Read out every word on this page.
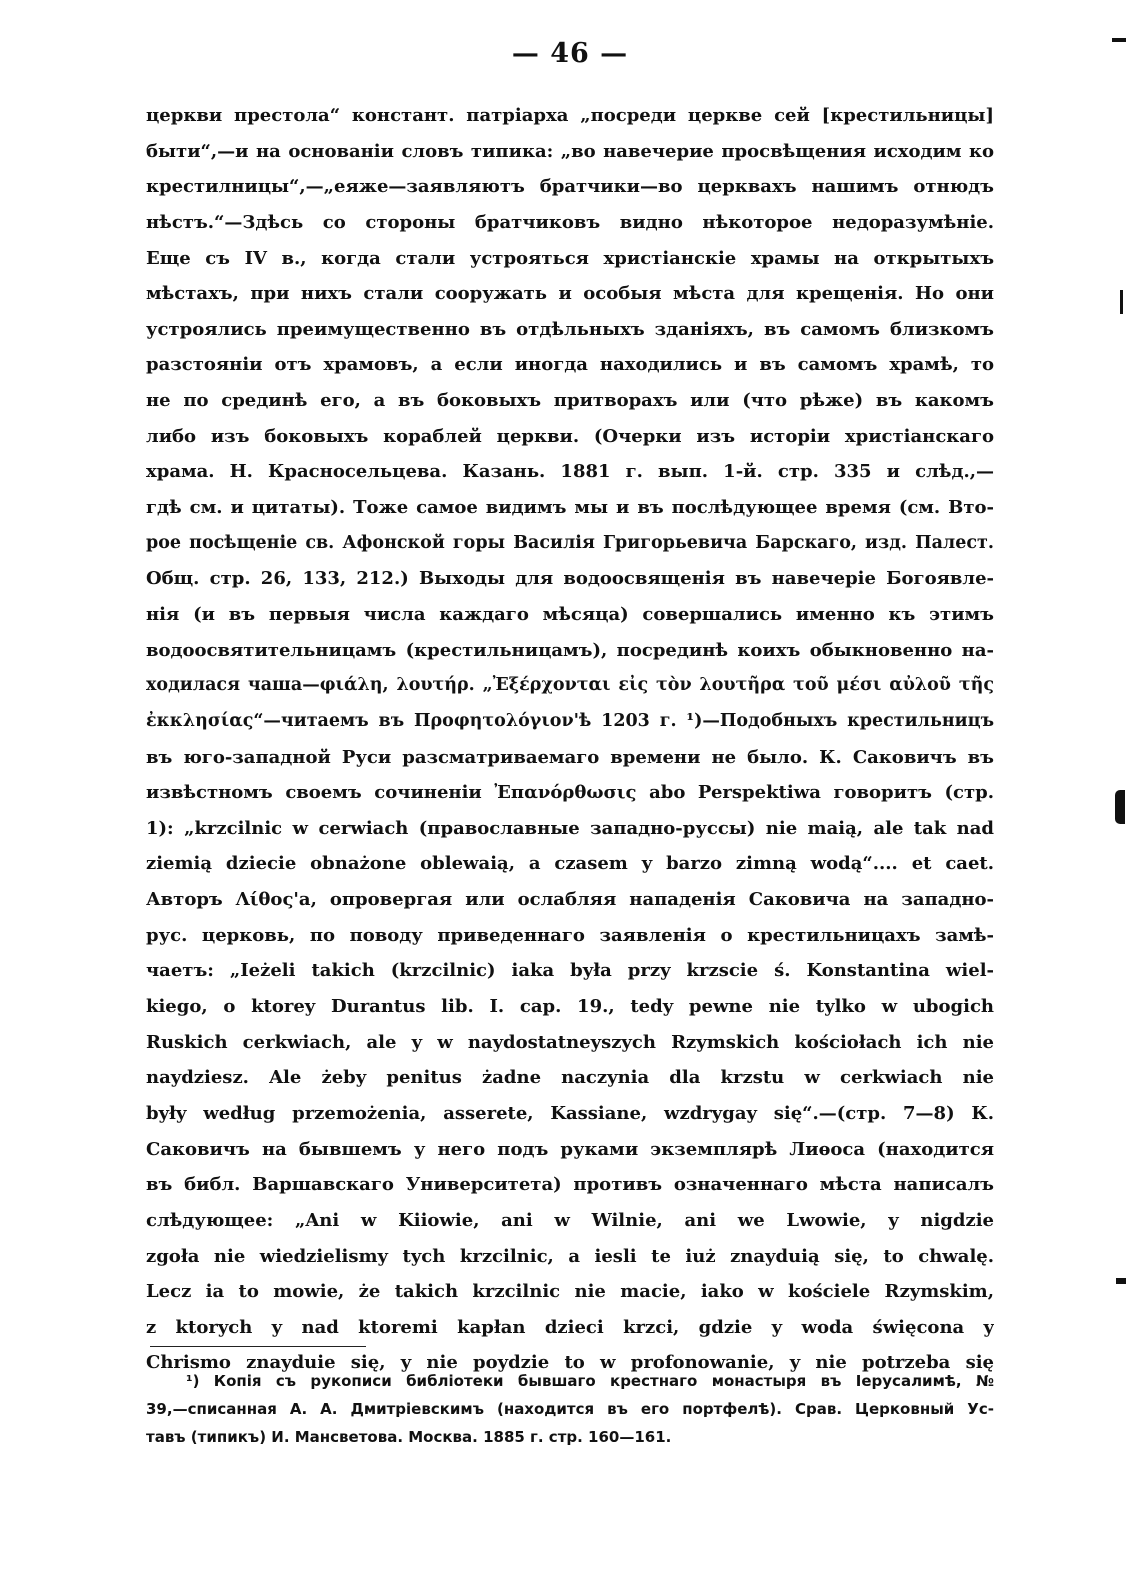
— 46 —
церкви престола“ констант. патріарха „посреди церкве сей [крестильницы]
быти“,—и на основаніи словъ типика: „во навечерие просвѣщения исходим ко
крестилницы“,—„еяже—заявляютъ братчики—во церквахъ нашимъ отнюдъ
нѣстъ.“—Здѣсь со стороны братчиковъ видно нѣкоторое недоразумѣніе.
Еще съ IV в., когда стали устрояться христіанскіе храмы на открытыхъ
мѣстахъ, при нихъ стали сооружать и особыя мѣста для крещенія. Но они
устроялись преимущественно въ отдѣльныхъ зданіяхъ, въ самомъ близкомъ
разстояніи отъ храмовъ, а если иногда находились и въ самомъ храмѣ, то
не по срединѣ его, а въ боковыхъ притворахъ или (что рѣже) въ какомъ
либо изъ боковыхъ кораблей церкви. (Очерки изъ исторіи христіанскаго
храма. Н. Красносельцева. Казань. 1881 г. вып. 1-й. стр. 335 и слѣд.,—
гдѣ см. и цитаты). Тоже самое видимъ мы и въ послѣдующее время (см. Вто-
рое посѣщеніе св. Афонской горы Василія Григорьевича Барскаго, изд. Палест.
Общ. стр. 26, 133, 212.) Выходы для водоосвященія въ навечеріе Богоявле-
нія (и въ первыя числа каждаго мѣсяца) совершались именно къ этимъ
водоосвятительницамъ (крестильницамъ), посрединѣ коихъ обыкновенно на-
ходилася чаша—φιάλη, λουτήρ. „Ἐξέρχονται εἰς τὸν λουτῆρα τοῦ μέσι αὐλοῦ τῆς
ἐκκλησίας“—читаемъ въ Προφητολόγιον'ѣ 1203 г. ¹)—Подобныхъ крестильницъ
въ юго-западной Руси разсматриваемаго времени не было. К. Саковичъ въ
извѣстномъ своемъ сочиненіи Ἐπανόρθωσις abo Perspektiwa говоритъ (стр.
1): „krzcilnic w cerwiach (православные западно-руссы) nie maią, ale tak nad
ziemią dziecie obnażone oblewaią, a czasem y barzo zimną wodą“.... et caet.
Авторъ Λίθος'а, опровергая или ослабляя нападенія Саковича на западно-
рус. церковь, по поводу приведеннаго заявленія о крестильницахъ замѣ-
чаетъ: „Ieżeli takich (krzcilnic) iaka była przy krzscie ś. Konstantina wiel-
kiego, o ktorey Durantus lib. I. cap. 19., tedy pewne nie tylko w ubogich
Ruskich cerkwiach, ale y w naydostatneyszych Rzymskich kościołach ich nie
naydziesz. Ale żeby penitus żadne naczynia dla krzstu w cerkwiach nie
były według przemożenia, asserete, Kassiane, wzdrygay się“.—(стр. 7—8) К.
Саковичъ на бывшемъ у него подъ руками экземплярѣ Лиѳоса (находится
въ библ. Варшавскаго Университета) противъ означеннаго мѣста написалъ
слѣдующее: „Ani w Kiiowie, ani w Wilnie, ani we Lwowie, y nigdzie
zgoła nie wiedzielismy tych krzcilnic, a iesli te iuż znayduią się, to chwalę.
Lecz ia to mowie, że takich krzcilnic nie macie, iako w kościele Rzymskim,
z ktorych y nad ktoremi kapłan dzieci krzci, gdzie y woda święcona y
Chrismo znayduie się, y nie poydzie to w profonowanie, y nie potrzeba się
¹) Копія съ рукописи библіотеки бывшаго крестнаго монастыря въ Іерусалимѣ, №
39,—списанная А. А. Дмитріевскимъ (находится въ его портфелѣ). Срав. Церковный Ус-
тавъ (типикъ) И. Мансветова. Москва. 1885 г. стр. 160—161.
